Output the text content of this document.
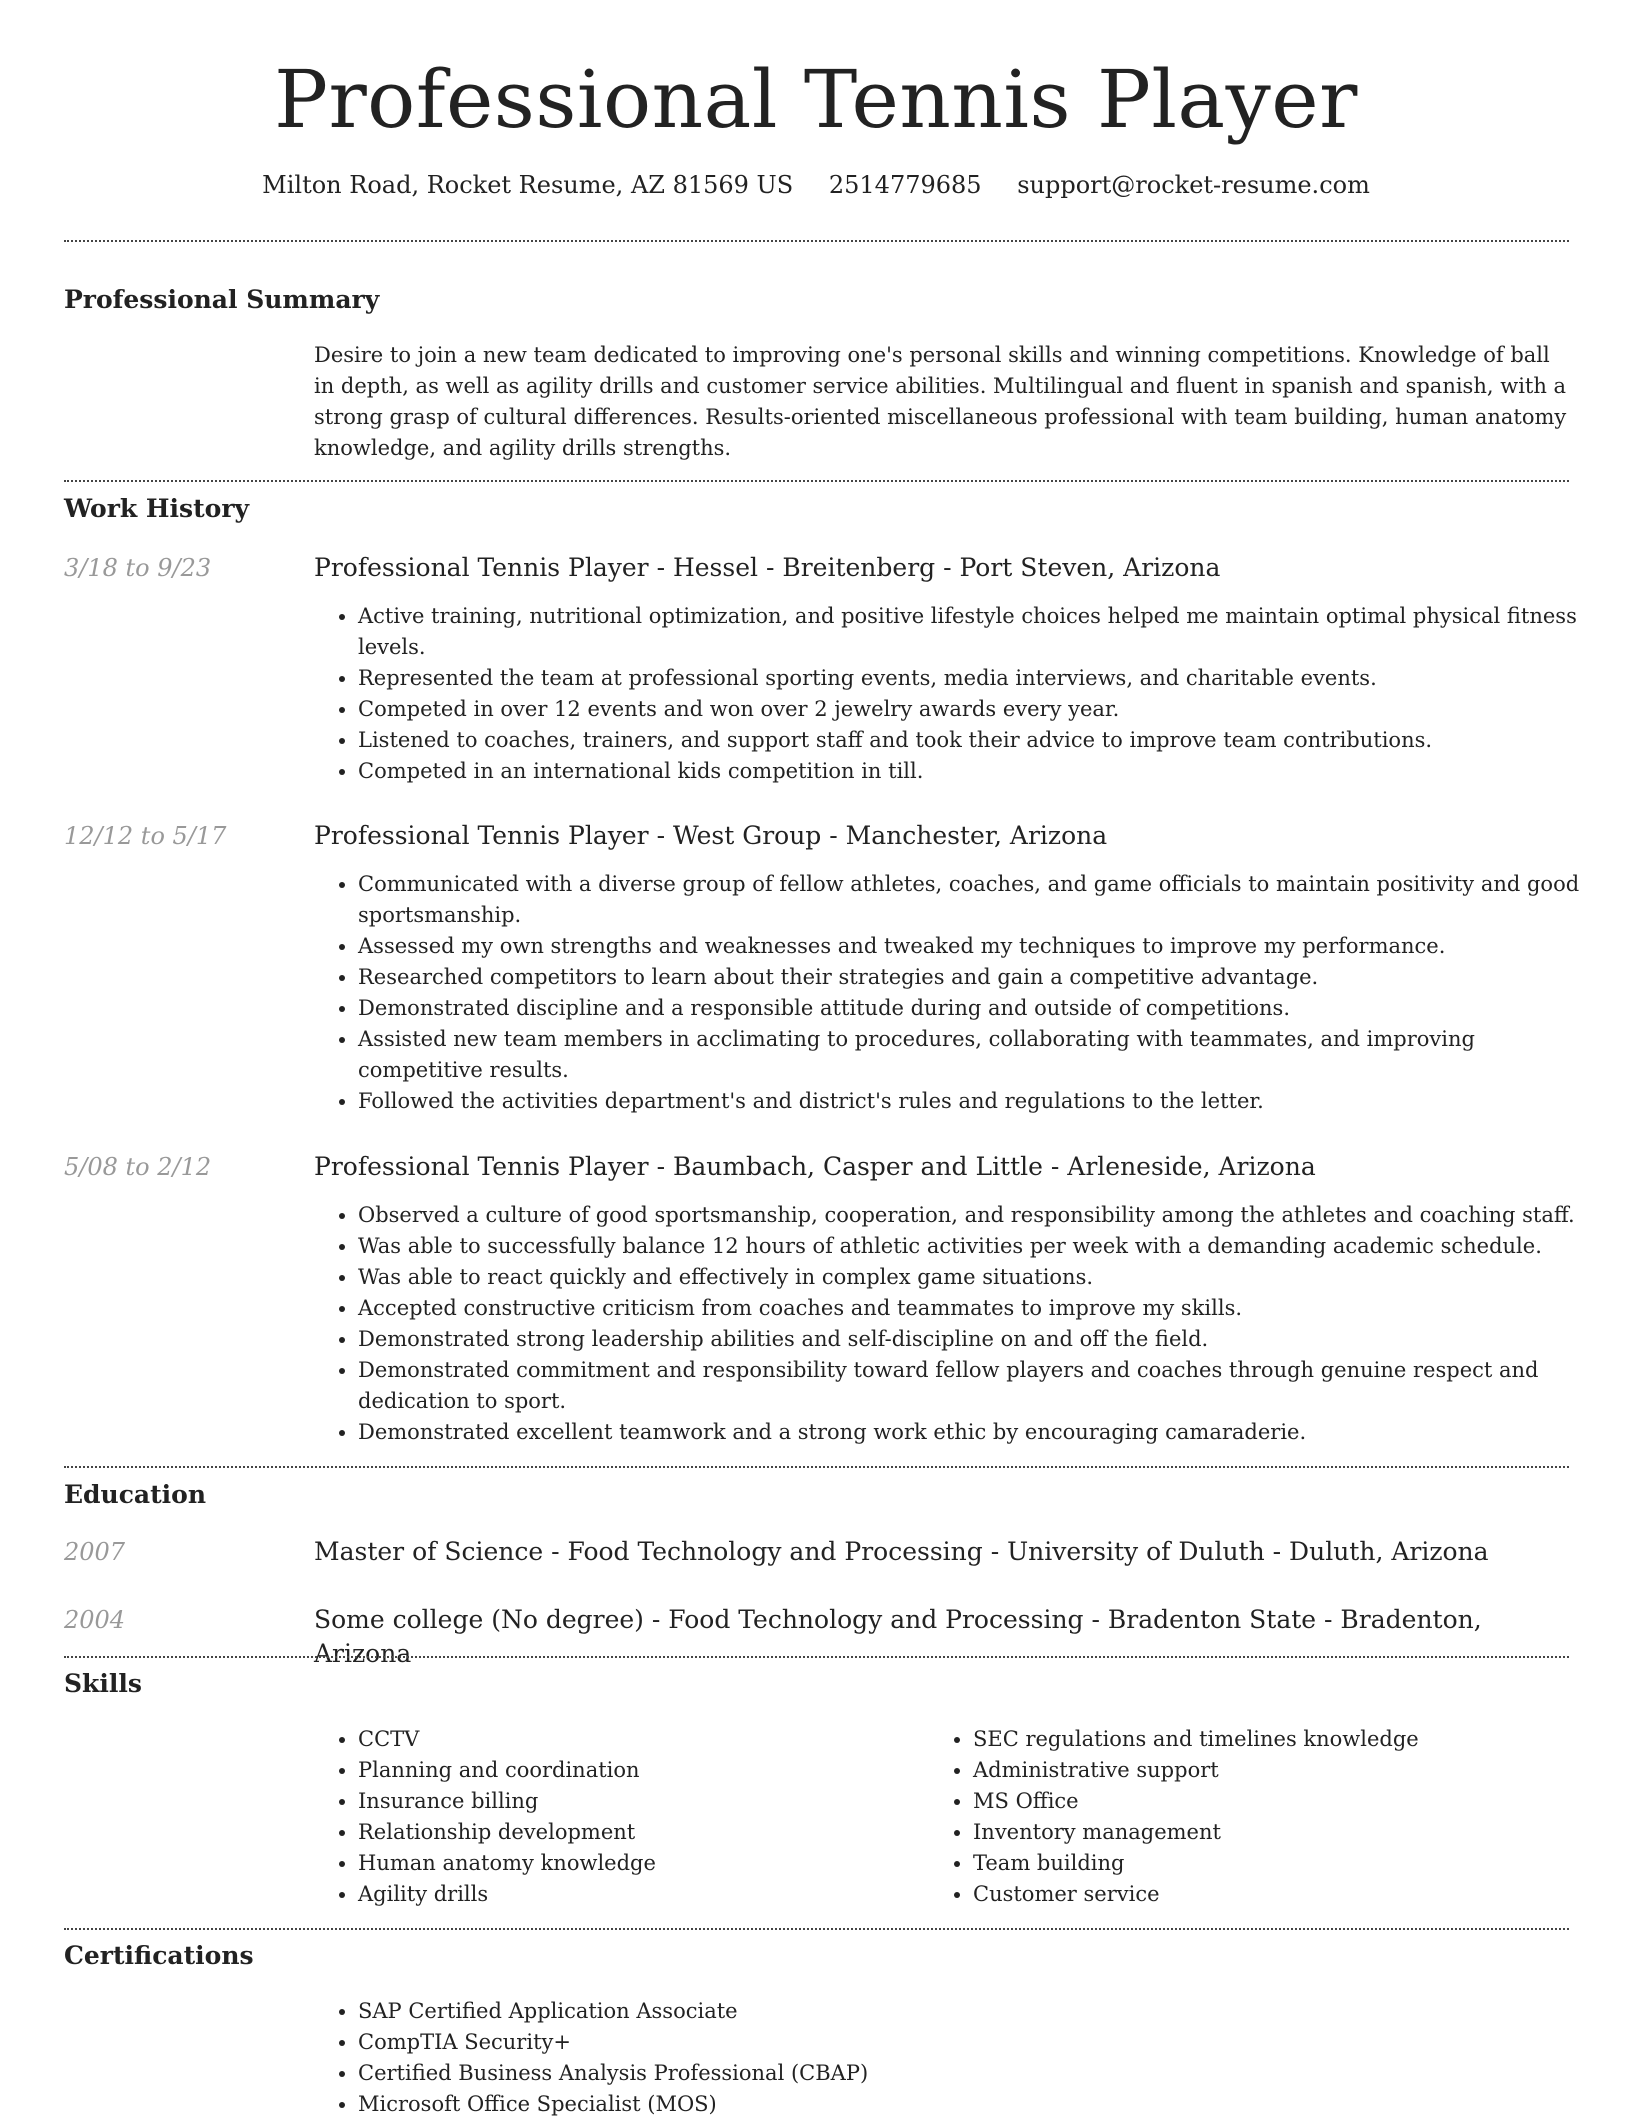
Professional Tennis Player
Milton Road, Rocket Resume, AZ 81569 US 2514779685 support@rocket-resume.com
Professional Summary

Desire to join a new team dedicated to improving one's personal skills and winning competitions. Knowledge of ball in depth, as well as agility drills and customer service abilities. Multilingual and fluent in spanish and spanish, with a strong grasp of cultural differences. Results-oriented miscellaneous professional with team building, human anatomy knowledge, and agility drills strengths.

Work History
3/18 to 9/23	Professional Tennis Player - Hessel - Breitenberg - Port Steven, Arizona
• Active training, nutritional optimization, and positive lifestyle choices helped me maintain optimal physical fitness levels.
• Represented the team at professional sporting events, media interviews, and charitable events.
• Competed in over 12 events and won over 2 jewelry awards every year.
• Listened to coaches, trainers, and support staff and took their advice to improve team contributions.
• Competed in an international kids competition in till.
12/12 to 5/17	Professional Tennis Player - West Group - Manchester, Arizona
• Communicated with a diverse group of fellow athletes, coaches, and game officials to maintain positivity and good sportsmanship.
• Assessed my own strengths and weaknesses and tweaked my techniques to improve my performance.
• Researched competitors to learn about their strategies and gain a competitive advantage.
• Demonstrated discipline and a responsible attitude during and outside of competitions.
• Assisted new team members in acclimating to procedures, collaborating with teammates, and improving competitive results.
• Followed the activities department's and district's rules and regulations to the letter.
5/08 to 2/12	Professional Tennis Player - Baumbach, Casper and Little - Arleneside, Arizona
• Observed a culture of good sportsmanship, cooperation, and responsibility among the athletes and coaching staff.
• Was able to successfully balance 12 hours of athletic activities per week with a demanding academic schedule.
• Was able to react quickly and effectively in complex game situations.
• Accepted constructive criticism from coaches and teammates to improve my skills.
• Demonstrated strong leadership abilities and self-discipline on and off the field.
• Demonstrated commitment and responsibility toward fellow players and coaches through genuine respect and dedication to sport.
• Demonstrated excellent teamwork and a strong work ethic by encouraging camaraderie.
Education
2007	Master of Science - Food Technology and Processing - University of Duluth - Duluth, Arizona
2004	Some college (No degree) - Food Technology and Processing - Bradenton State - Bradenton, Arizona
Skills
• CCTV
• Planning and coordination
• Insurance billing
• Relationship development
• Human anatomy knowledge
• Agility drills
• SEC regulations and timelines knowledge
• Administrative support
• MS Office
• Inventory management
• Team building
• Customer service
Certifications
• SAP Certified Application Associate
• CompTIA Security+
• Certified Business Analysis Professional (CBAP)
• Microsoft Office Specialist (MOS)
